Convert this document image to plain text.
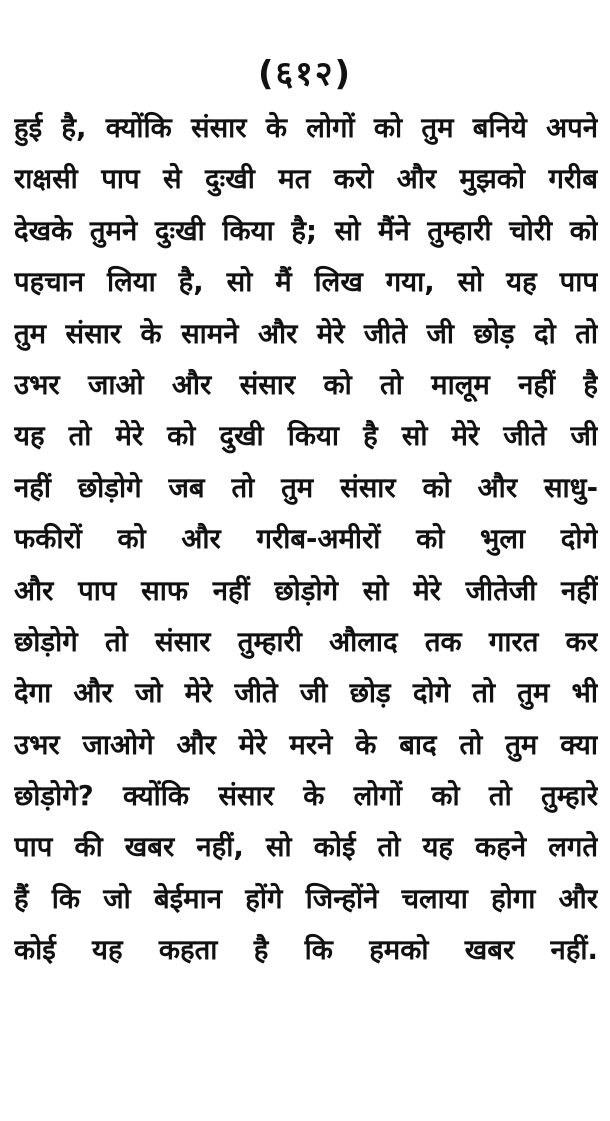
(६१२)
हुई है, क्योंकि संसार के लोगों को तुम बनिये अपने
राक्षसी पाप से दुःखी मत करो और मुझको गरीब
देखके तुमने दुःखी किया है; सो मैंने तुम्हारी चोरी को
पहचान लिया है, सो मैं लिख गया, सो यह पाप
तुम संसार के सामने और मेरे जीते जी छोड़ दो तो
उभर जाओ और संसार को तो मालूम नहीं है
यह तो मेरे को दुखी किया है सो मेरे जीते जी
नहीं छोड़ोगे जब तो तुम संसार को और साधु-
फकीरों को और गरीब-अमीरों को भुला दोगे
और पाप साफ नहीं छोड़ोगे सो मेरे जीतेजी नहीं
छोड़ोगे तो संसार तुम्हारी औलाद तक गारत कर
देगा और जो मेरे जीते जी छोड़ दोगे तो तुम भी
उभर जाओगे और मेरे मरने के बाद तो तुम क्या
छोड़ोगे? क्योंकि संसार के लोगों को तो तुम्हारे
पाप की खबर नहीं, सो कोई तो यह कहने लगते
हैं कि जो बेईमान होंगे जिन्होंने चलाया होगा और
कोई यह कहता है कि हमको खबर नहीं.
